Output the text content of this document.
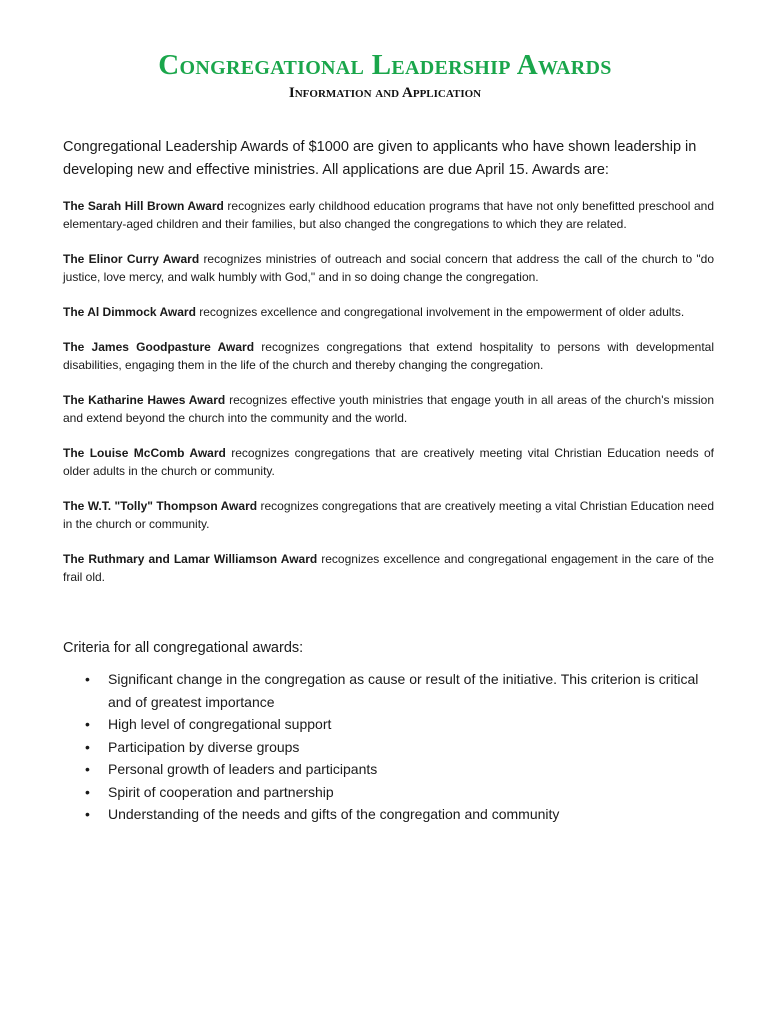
Congregational Leadership Awards
Information and Application
Congregational Leadership Awards of $1000 are given to applicants who have shown leadership in developing new and effective ministries. All applications are due April 15. Awards are:

The Sarah Hill Brown Award recognizes early childhood education programs that have not only benefitted preschool and elementary-aged children and their families, but also changed the congregations to which they are related.

The Elinor Curry Award recognizes ministries of outreach and social concern that address the call of the church to "do justice, love mercy, and walk humbly with God," and in so doing change the congregation.

The Al Dimmock Award recognizes excellence and congregational involvement in the empowerment of older adults.

The James Goodpasture Award recognizes congregations that extend hospitality to persons with developmental disabilities, engaging them in the life of the church and thereby changing the congregation.

The Katharine Hawes Award recognizes effective youth ministries that engage youth in all areas of the church's mission and extend beyond the church into the community and the world.

The Louise McComb Award recognizes congregations that are creatively meeting vital Christian Education needs of older adults in the church or community.

The W.T. "Tolly" Thompson Award recognizes congregations that are creatively meeting a vital Christian Education need in the church or community.

The Ruthmary and Lamar Williamson Award recognizes excellence and congregational engagement in the care of the frail old.

Criteria for all congregational awards:
• Significant change in the congregation as cause or result of the initiative. This criterion is critical and of greatest importance
• High level of congregational support
• Participation by diverse groups
• Personal growth of leaders and participants
• Spirit of cooperation and partnership
• Understanding of the needs and gifts of the congregation and community
